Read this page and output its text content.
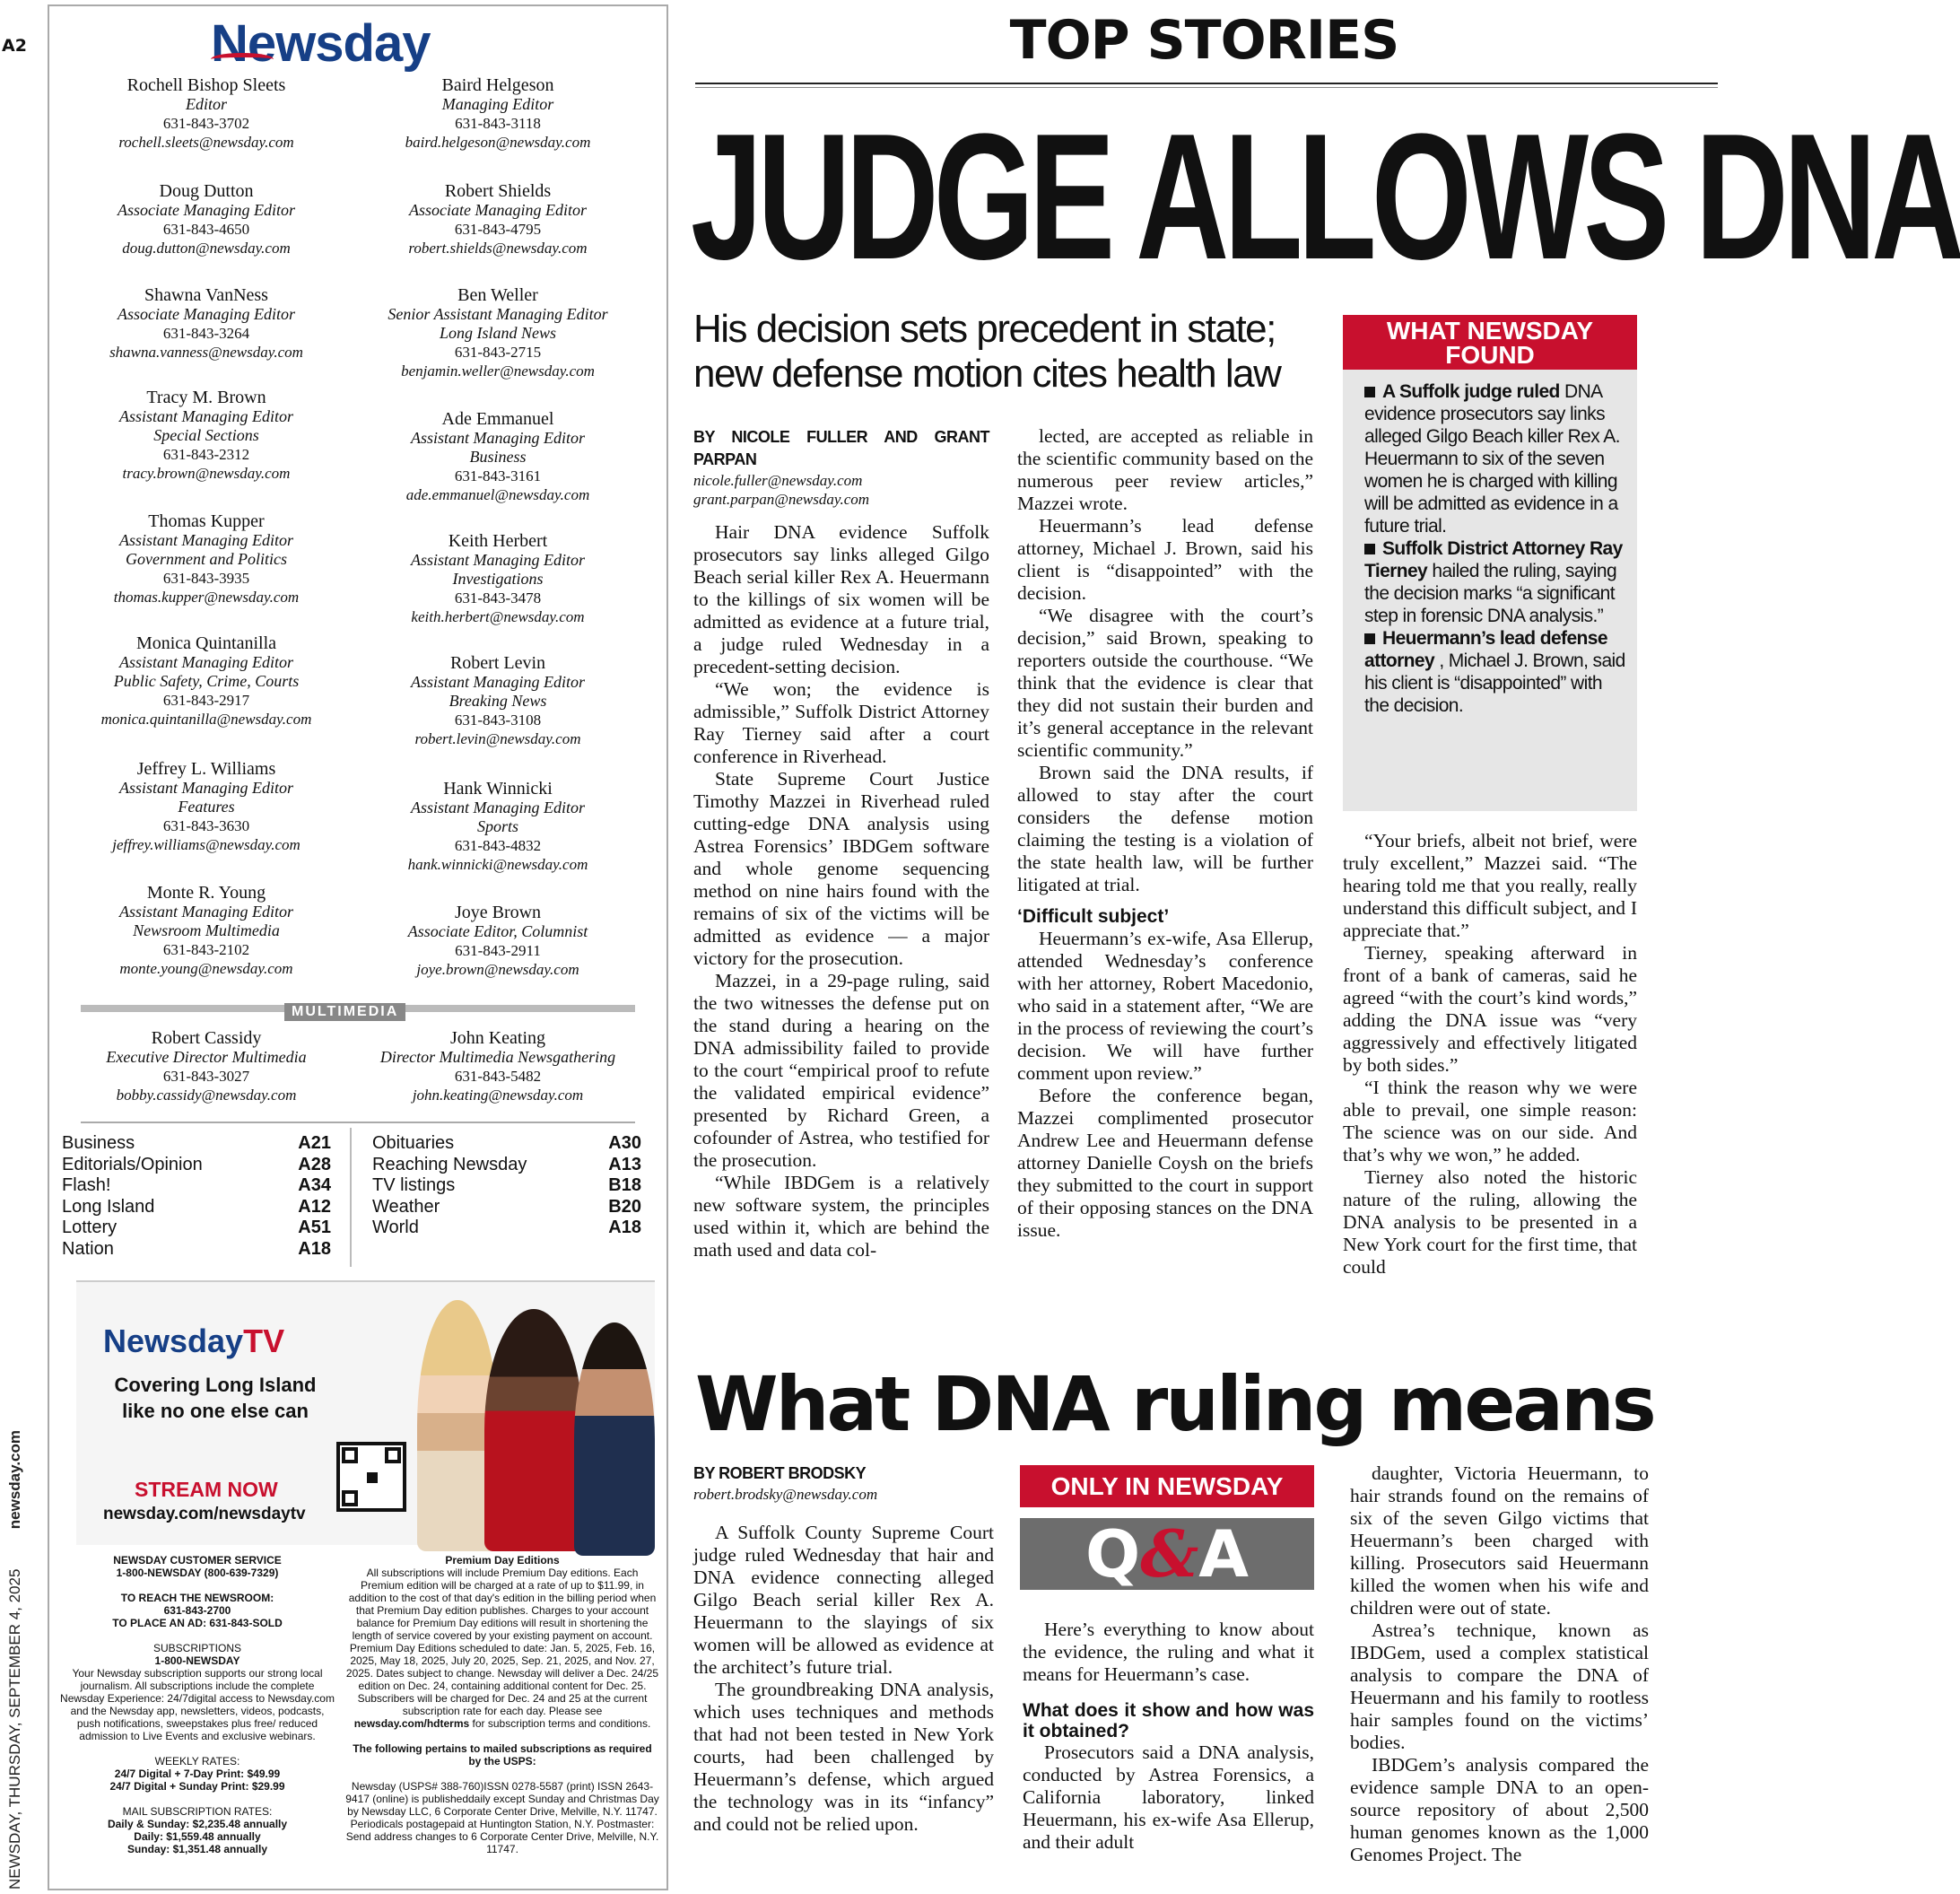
A2
NEWSDAY, THURSDAY, SEPTEMBER 4, 2025
newsday.com
Newsday
Rochell Bishop Sleets
Editor
631-843-3702
rochell.sleets@newsday.com
Doug Dutton
Associate Managing Editor
631-843-4650
doug.dutton@newsday.com
Shawna VanNess
Associate Managing Editor
631-843-3264
shawna.vanness@newsday.com
Tracy M. Brown
Assistant Managing Editor
Special Sections
631-843-2312
tracy.brown@newsday.com
Thomas Kupper
Assistant Managing Editor
Government and Politics
631-843-3935
thomas.kupper@newsday.com
Monica Quintanilla
Assistant Managing Editor
Public Safety, Crime, Courts
631-843-2917
monica.quintanilla@newsday.com
Jeffrey L. Williams
Assistant Managing Editor
Features
631-843-3630
jeffrey.williams@newsday.com
Monte R. Young
Assistant Managing Editor
Newsroom Multimedia
631-843-2102
monte.young@newsday.com
Baird Helgeson
Managing Editor
631-843-3118
baird.helgeson@newsday.com
Robert Shields
Associate Managing Editor
631-843-4795
robert.shields@newsday.com
Ben Weller
Senior Assistant Managing Editor
Long Island News
631-843-2715
benjamin.weller@newsday.com
Ade Emmanuel
Assistant Managing Editor
Business
631-843-3161
ade.emmanuel@newsday.com
Keith Herbert
Assistant Managing Editor
Investigations
631-843-3478
keith.herbert@newsday.com
Robert Levin
Assistant Managing Editor
Breaking News
631-843-3108
robert.levin@newsday.com
Hank Winnicki
Assistant Managing Editor
Sports
631-843-4832
hank.winnicki@newsday.com
Joye Brown
Associate Editor, Columnist
631-843-2911
joye.brown@newsday.com
MULTIMEDIA
Robert Cassidy
Executive Director Multimedia
631-843-3027
bobby.cassidy@newsday.com
John Keating
Director Multimedia Newsgathering
631-843-5482
john.keating@newsday.com
Business	A21
Editorials/Opinion	A28
Flash!	A34
Long Island	A12
Lottery	A51
Nation	A18
Obituaries	A30
Reaching Newsday	A13
TV listings	B18
Weather	B20
World	A18
NewsdayTV
Covering Long Island like no one else can
STREAM NOW
newsday.com/newsdaytv
NEWSDAY CUSTOMER SERVICE
1-800-NEWSDAY (800-639-7329)

TO REACH THE NEWSROOM:
631-843-2700
TO PLACE AN AD: 631-843-SOLD

SUBSCRIPTIONS
1-800-NEWSDAY
Your Newsday subscription supports our strong local journalism. All subscriptions include the complete Newsday Experience: 24/7digital access to Newsday.com and the Newsday app, newsletters, videos, podcasts, push notifications, sweepstakes plus free/ reduced admission to Live Events and exclusive webinars.

WEEKLY RATES:
24/7 Digital + 7-Day Print: $49.99
24/7 Digital + Sunday Print: $29.99

MAIL SUBSCRIPTION RATES:
Daily & Sunday: $2,235.48 annually
Daily: $1,559.48 annually
Sunday: $1,351.48 annually
Premium Day Editions
All subscriptions will include Premium Day editions. Each Premium edition will be charged at a rate of up to $11.99, in addition to the cost of that day's edition in the billing period when that Premium Day edition publishes. Charges to your account balance for Premium Day editions will result in shortening the length of service covered by your existing payment on account. Premium Day Editions scheduled to date: Jan. 5, 2025, Feb. 16, 2025, May 18, 2025, July 20, 2025, Sep. 21, 2025, and Nov. 27, 2025. Dates subject to change. Newsday will deliver a Dec. 24/25 edition on Dec. 24, containing additional content for Dec. 25. Subscribers will be charged for Dec. 24 and 25 at the current subscription rate for each day. Please see newsday.com/hdterms for subscription terms and conditions.

The following pertains to mailed subscriptions as required by the USPS:

Newsday (USPS# 388-760)ISSN 0278-5587 (print) ISSN 2643-9417 (online) is publisheddaily except Sunday and Christmas Day by Newsday LLC, 6 Corporate Center Drive, Melville, N.Y. 11747. Periodicals postagepaid at Huntington Station, N.Y. Postmaster: Send address changes to 6 Corporate Center Drive, Melville, N.Y. 11747.
TOP STORIES
JUDGE ALLOWS DNA
His decision sets precedent in state; new defense motion cites health law
BY NICOLE FULLER AND GRANT PARPAN
nicole.fuller@newsday.com
grant.parpan@newsday.com

Hair DNA evidence Suffolk prosecutors say links alleged Gilgo Beach serial killer Rex A. Heuermann to the killings of six women will be admitted as evidence at a future trial, a judge ruled Wednesday in a precedent-setting decision.

“We won; the evidence is admissible,” Suffolk District Attorney Ray Tierney said after a court conference in Riverhead.

State Supreme Court Justice Timothy Mazzei in Riverhead ruled cutting-edge DNA analysis using Astrea Forensics’ IBDGem software and whole genome sequencing method on nine hairs found with the remains of six of the victims will be admitted as evidence — a major victory for the prosecution.

Mazzei, in a 29-page ruling, said the two witnesses the defense put on the stand during a hearing on the DNA admissibility failed to provide to the court “empirical proof to refute the validated empirical evidence” presented by Richard Green, a cofounder of Astrea, who testified for the prosecution.

“While IBDGem is a relatively new software system, the principles used within it, which are behind the math used and data col-

lected, are accepted as reliable in the scientific community based on the numerous peer review articles,” Mazzei wrote.

Heuermann’s lead defense attorney, Michael J. Brown, said his client is “disappointed” with the decision.

“We disagree with the court’s decision,” said Brown, speaking to reporters outside the courthouse. “We think that the evidence is clear that they did not sustain their burden and it’s general acceptance in the relevant scientific community.”

Brown said the DNA results, if allowed to stay after the court considers the defense motion claiming the testing is a violation of the state health law, will be further litigated at trial.

‘Difficult subject’

Heuermann’s ex-wife, Asa Ellerup, attended Wednesday’s conference with her attorney, Robert Macedonio, who said in a statement after, “We are in the process of reviewing the court’s decision. We will have further comment upon review.”

Before the conference began, Mazzei complimented prosecutor Andrew Lee and Heuermann defense attorney Danielle Coysh on the briefs they submitted to the court in support of their opposing stances on the DNA issue.

WHAT NEWSDAY FOUND
A Suffolk judge ruled DNA evidence prosecutors say links alleged Gilgo Beach killer Rex A. Heuermann to six of the seven women he is charged with killing will be admitted as evidence in a future trial.
Suffolk District Attorney Ray Tierney hailed the ruling, saying the decision marks “a significant step in forensic DNA analysis.”
Heuermann’s lead defense attorney , Michael J. Brown, said his client is “disappointed” with the decision.

“Your briefs, albeit not brief, were truly excellent,” Mazzei said. “The hearing told me that you really, really understand this difficult subject, and I appreciate that.”

Tierney, speaking afterward in front of a bank of cameras, said he agreed “with the court’s kind words,” adding the DNA issue was “very aggressively and effectively litigated by both sides.”

“I think the reason why we were able to prevail, one simple reason: The science was on our side. And that’s why we won,” he added.

Tierney also noted the historic nature of the ruling, allowing the DNA analysis to be presented in a New York court for the first time, that could

What DNA ruling means
BY ROBERT BRODSKY
robert.brodsky@newsday.com

A Suffolk County Supreme Court judge ruled Wednesday that hair and DNA evidence connecting alleged Gilgo Beach serial killer Rex A. Heuermann to the slayings of six women will be allowed as evidence at the architect’s future trial.

The groundbreaking DNA analysis, which uses techniques and methods that had not been tested in New York courts, had been challenged by Heuermann’s defense, which argued the technology was in its “infancy” and could not be relied upon.

ONLY IN NEWSDAY
Q&A

Here’s everything to know about the evidence, the ruling and what it means for Heuermann’s case.

What does it show and how was it obtained?

Prosecutors said a DNA analysis, conducted by Astrea Forensics, a California laboratory, linked Heuermann, his ex-wife Asa Ellerup, and their adult

daughter, Victoria Heuermann, to hair strands found on the remains of six of the seven Gilgo victims that Heuermann’s been charged with killing. Prosecutors said Heuermann killed the women when his wife and children were out of state.

Astrea’s technique, known as IBDGem, used a complex statistical analysis to compare the DNA of Heuermann and his family to rootless hair samples found on the victims’ bodies.

IBDGem’s analysis compared the evidence sample DNA to an open-source repository of about 2,500 human genomes known as the 1,000 Genomes Project. The
